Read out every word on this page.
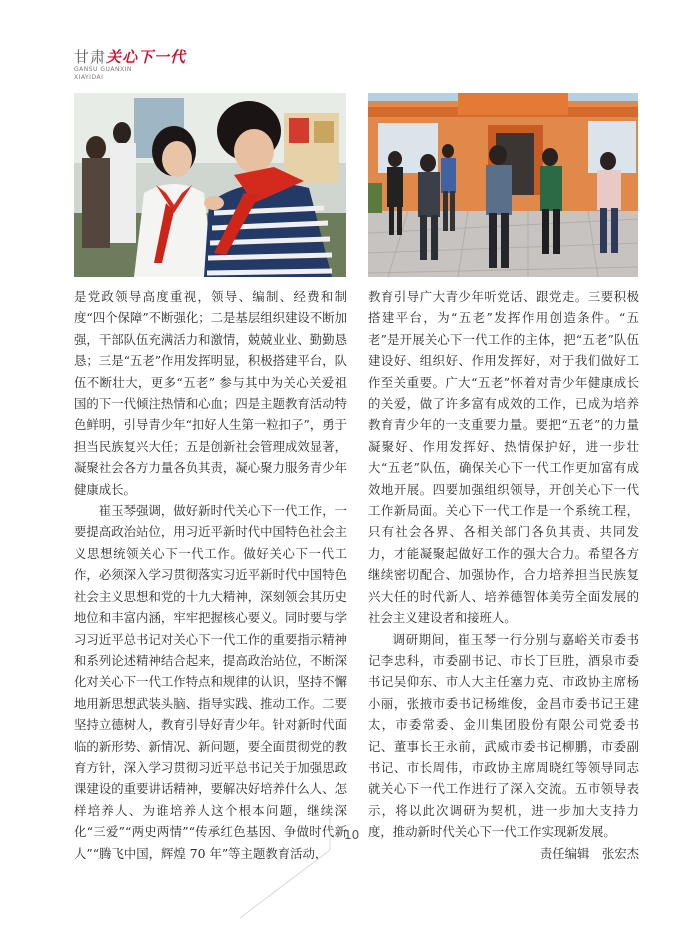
甘肃关心下一代
GANSU GUANXIN
XIAYIDAI

是党政领导高度重视，领导、编制、经费和制度“四个保障”不断强化；二是基层组织建设不断加强，干部队伍充满活力和激情，兢兢业业、勤勤恳恳；三是“五老”作用发挥明显，积极搭建平台，队伍不断壮大，更多“五老” 参与其中为关心关爱祖国的下一代倾注热情和心血；四是主题教育活动特色鲜明，引导青少年“扣好人生第一粒扣子”，勇于担当民族复兴大任；五是创新社会管理成效显著，凝聚社会各方力量各负其责，凝心聚力服务青少年健康成长。

崔玉琴强调，做好新时代关心下一代工作，一要提高政治站位，用习近平新时代中国特色社会主义思想统领关心下一代工作。做好关心下一代工作，必须深入学习贯彻落实习近平新时代中国特色社会主义思想和党的十九大精神，深刻领会其历史地位和丰富内涵，牢牢把握核心要义。同时要与学习习近平总书记对关心下一代工作的重要指示精神和系列论述精神结合起来，提高政治站位，不断深化对关心下一代工作特点和规律的认识，坚持不懈地用新思想武装头脑、指导实践、推动工作。二要坚持立德树人，教育引导好青少年。针对新时代面临的新形势、新情况、新问题，要全面贯彻党的教育方针，深入学习贯彻习近平总书记关于加强思政课建设的重要讲话精神，要解决好培养什么人、怎样培养人、为谁培养人这个根本问题，继续深化“三爱”“两史两情”“传承红色基因、争做时代新人”“腾飞中国，辉煌 70 年”等主题教育活动，

教育引导广大青少年听党话、跟党走。三要积极搭建平台，为“五老”发挥作用创造条件。“五老”是开展关心下一代工作的主体，把“五老”队伍建设好、组织好、作用发挥好，对于我们做好工作至关重要。广大“五老”怀着对青少年健康成长的关爱，做了许多富有成效的工作，已成为培养教育青少年的一支重要力量。要把“五老”的力量凝聚好、作用发挥好、热情保护好，进一步壮大“五老”队伍，确保关心下一代工作更加富有成效地开展。四要加强组织领导，开创关心下一代工作新局面。关心下一代工作是一个系统工程，只有社会各界、各相关部门各负其责、共同发力，才能凝聚起做好工作的强大合力。希望各方继续密切配合、加强协作，合力培养担当民族复兴大任的时代新人、培养德智体美劳全面发展的社会主义建设者和接班人。

调研期间，崔玉琴一行分别与嘉峪关市委书记李忠科，市委副书记、市长丁巨胜，酒泉市委书记吴仰东、市人大主任塞力克、市政协主席杨小丽，张掖市委书记杨维俊，金昌市委书记王建太，市委常委、金川集团股份有限公司党委书记、董事长王永前，武威市委书记柳鹏，市委副书记、市长周伟，市政协主席周晓红等领导同志就关心下一代工作进行了深入交流。五市领导表示，将以此次调研为契机，进一步加大支持力度，推动新时代关心下一代工作实现新发展。

责任编辑　张宏杰
10
